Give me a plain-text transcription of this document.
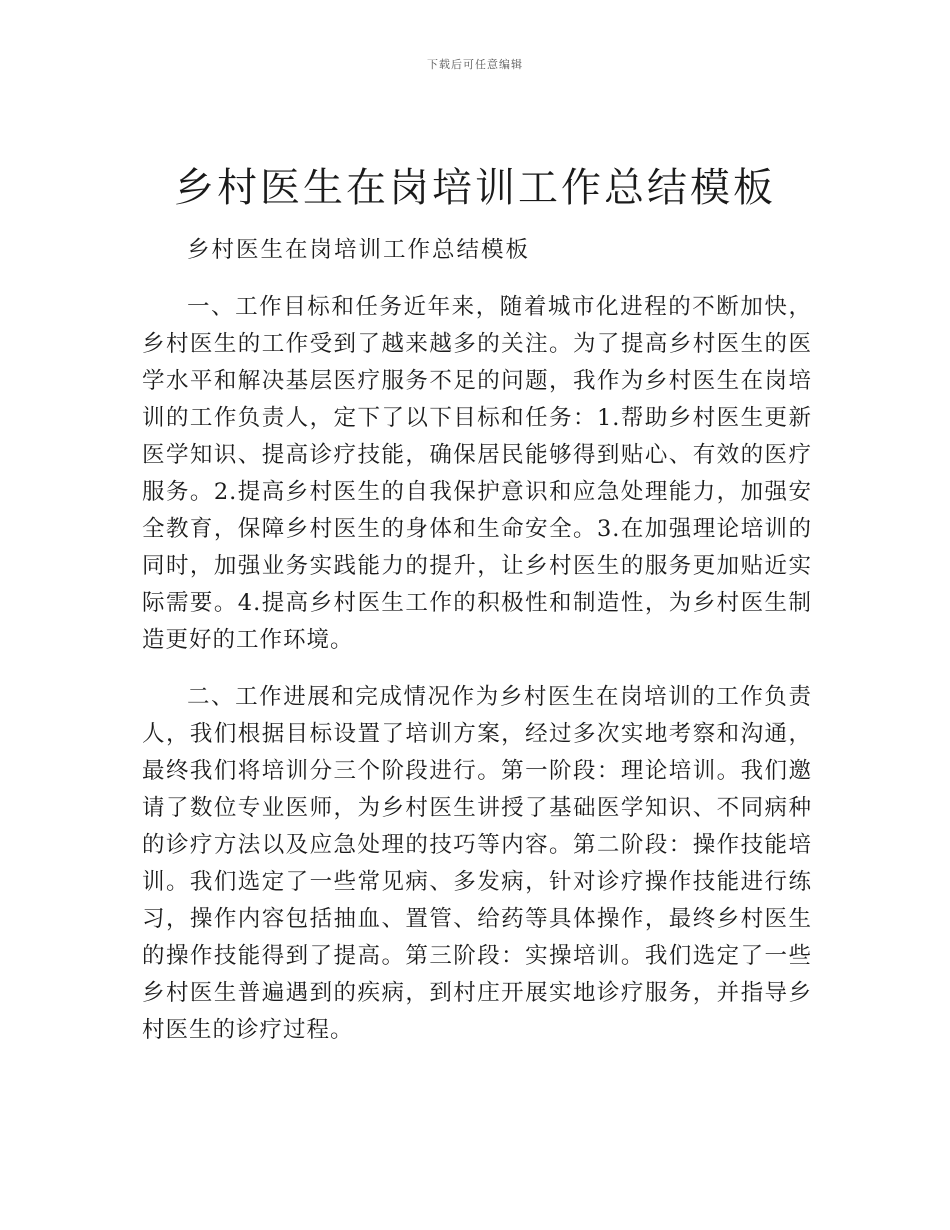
下载后可任意编辑
乡村医生在岗培训工作总结模板

乡村医生在岗培训工作总结模板

一、工作目标和任务近年来，随着城市化进程的不断加快，乡村医生的工作受到了越来越多的关注。为了提高乡村医生的医学水平和解决基层医疗服务不足的问题，我作为乡村医生在岗培训的工作负责人，定下了以下目标和任务：1.帮助乡村医生更新医学知识、提高诊疗技能，确保居民能够得到贴心、有效的医疗服务。2.提高乡村医生的自我保护意识和应急处理能力，加强安全教育，保障乡村医生的身体和生命安全。3.在加强理论培训的同时，加强业务实践能力的提升，让乡村医生的服务更加贴近实际需要。4.提高乡村医生工作的积极性和制造性，为乡村医生制造更好的工作环境。

二、工作进展和完成情况作为乡村医生在岗培训的工作负责人，我们根据目标设置了培训方案，经过多次实地考察和沟通，最终我们将培训分三个阶段进行。第一阶段：理论培训。我们邀请了数位专业医师，为乡村医生讲授了基础医学知识、不同病种的诊疗方法以及应急处理的技巧等内容。第二阶段：操作技能培训。我们选定了一些常见病、多发病，针对诊疗操作技能进行练习，操作内容包括抽血、置管、给药等具体操作，最终乡村医生的操作技能得到了提高。第三阶段：实操培训。我们选定了一些乡村医生普遍遇到的疾病，到村庄开展实地诊疗服务，并指导乡村医生的诊疗过程。
